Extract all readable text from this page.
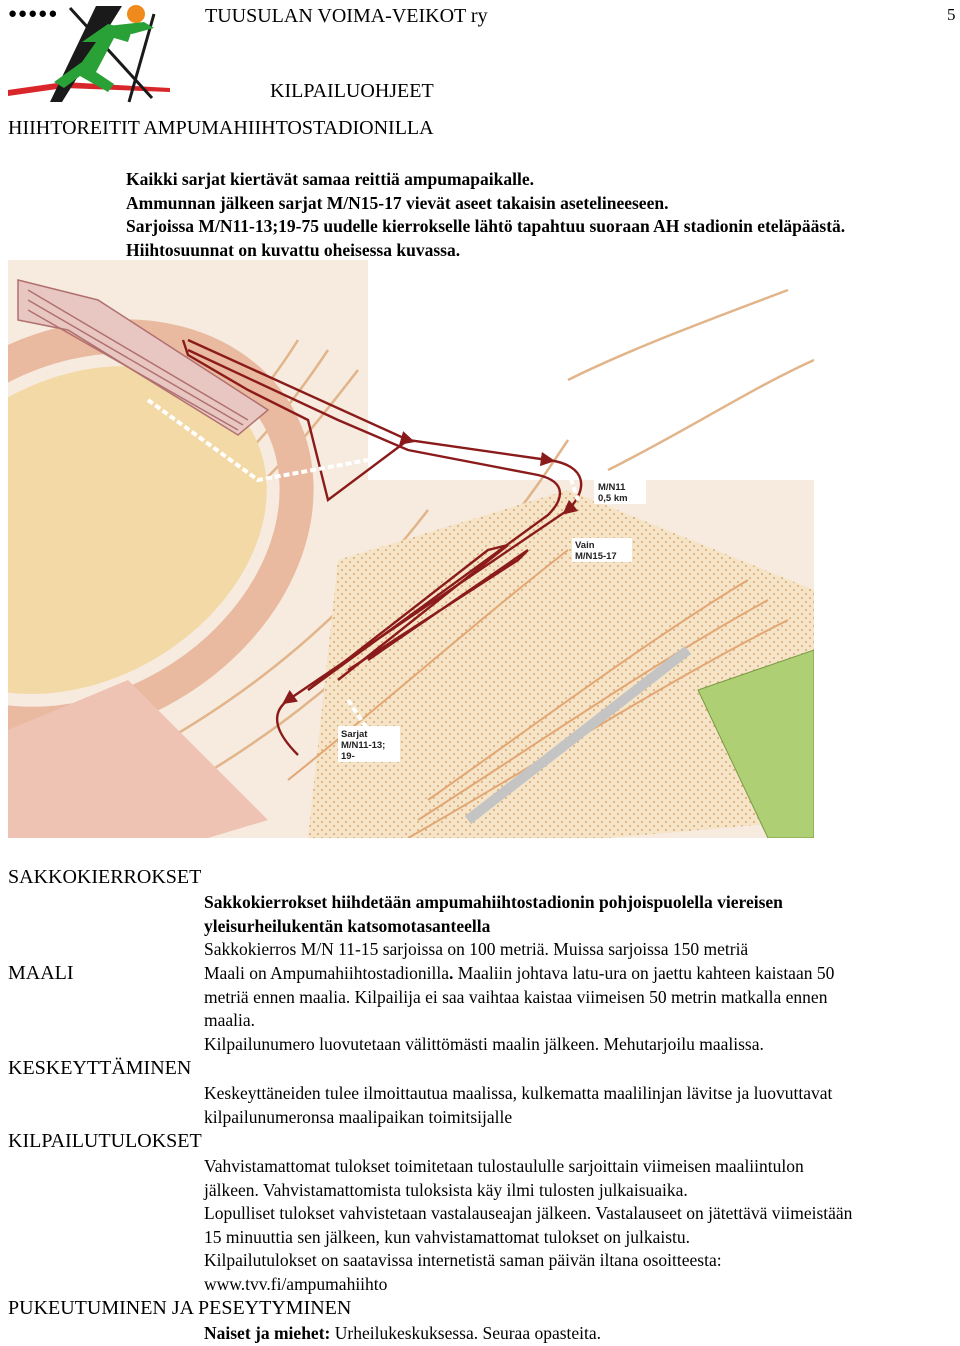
●●●●●	TUUSULAN VOIMA-VEIKOT ry	5
KILPAILUOHJEET
HIIHTOREITIT AMPUMAHIIHTOSTADIONILLA
Kaikki sarjat kiertävät samaa reittiä ampumapaikalle.
Ammunnan jälkeen sarjat M/N15-17 vievät aseet takaisin asetelineeseen.
Sarjoissa M/N11-13;19-75 uudelle kierrokselle lähtö tapahtuu suoraan AH stadionin eteläpäästä.
Hiihtosuunnat on kuvattu oheisessa kuvassa.
M/N11
0,5 km
Vain
M/N15-17
Sarjat
M/N11-13;
19-
SAKKOKIERROKSET
Sakkokierrokset hiihdetään ampumahiihtostadionin pohjoispuolella viereisen
yleisurheilukentän katsomotasanteella
Sakkokierros M/N 11-15 sarjoissa on 100 metriä. Muissa sarjoissa 150 metriä
MAALI	Maali on Ampumahiihtostadionilla. Maaliin johtava latu-ura on jaettu kahteen kaistaan 50
metriä ennen maalia. Kilpailija ei saa vaihtaa kaistaa viimeisen 50 metrin matkalla ennen
maalia.
Kilpailunumero luovutetaan välittömästi maalin jälkeen. Mehutarjoilu maalissa.
KESKEYTTÄMINEN
Keskeyttäneiden tulee ilmoittautua maalissa, kulkematta maalilinjan lävitse ja luovuttavat
kilpailunumeronsa maalipaikan toimitsijalle
KILPAILUTULOKSET
Vahvistamattomat tulokset toimitetaan tulostaululle sarjoittain viimeisen maaliintulon
jälkeen. Vahvistamattomista tuloksista käy ilmi tulosten julkaisuaika.
Lopulliset tulokset vahvistetaan vastalauseajan jälkeen. Vastalauseet on jätettävä viimeistään
15 minuuttia sen jälkeen, kun vahvistamattomat tulokset on julkaistu.
Kilpailutulokset on saatavissa internetistä saman päivän iltana osoitteesta:
www.tvv.fi/ampumahiihto
PUKEUTUMINEN JA PESEYTYMINEN
Naiset ja miehet: Urheilukeskuksessa. Seuraa opasteita.
